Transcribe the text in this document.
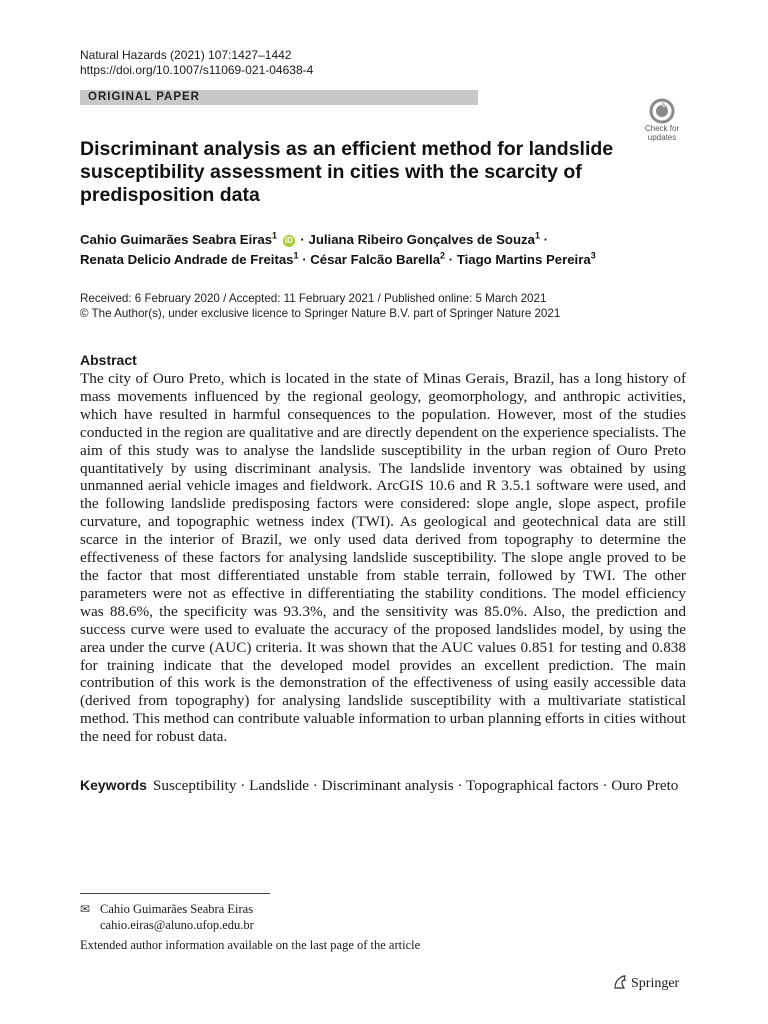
Natural Hazards (2021) 107:1427–1442
https://doi.org/10.1007/s11069-021-04638-4
ORIGINAL PAPER
Check for
updates
Discriminant analysis as an efficient method for landslide susceptibility assessment in cities with the scarcity of predisposition data
Cahio Guimarães Seabra Eiras$^1$ iD · Juliana Ribeiro Gonçalves de Souza$^1$ ·
Renata Delicio Andrade de Freitas$^1$ · César Falcão Barella$^2$ · Tiago Martins Pereira$^3$
Received: 6 February 2020 / Accepted: 11 February 2021 / Published online: 5 March 2021
© The Author(s), under exclusive licence to Springer Nature B.V. part of Springer Nature 2021
Abstract
The city of Ouro Preto, which is located in the state of Minas Gerais, Brazil, has a long history of mass movements influenced by the regional geology, geomorphology, and anthropic activities, which have resulted in harmful consequences to the population. However, most of the studies conducted in the region are qualitative and are directly dependent on the experience specialists. The aim of this study was to analyse the landslide susceptibility in the urban region of Ouro Preto quantitatively by using discriminant analysis. The landslide inventory was obtained by using unmanned aerial vehicle images and fieldwork. ArcGIS 10.6 and R 3.5.1 software were used, and the following landslide predisposing factors were considered: slope angle, slope aspect, profile curvature, and topographic wetness index (TWI). As geological and geotechnical data are still scarce in the interior of Brazil, we only used data derived from topography to determine the effectiveness of these factors for analysing landslide susceptibility. The slope angle proved to be the factor that most differentiated unstable from stable terrain, followed by TWI. The other parameters were not as effective in differentiating the stability conditions. The model efficiency was 88.6%, the specificity was 93.3%, and the sensitivity was 85.0%. Also, the prediction and success curve were used to evaluate the accuracy of the proposed landslides model, by using the area under the curve (AUC) criteria. It was shown that the AUC values 0.851 for testing and 0.838 for training indicate that the developed model provides an excellent prediction. The main contribution of this work is the demonstration of the effectiveness of using easily accessible data (derived from topography) for analysing landslide susceptibility with a multivariate statistical method. This method can contribute valuable information to urban planning efforts in cities without the need for robust data.
Keywords Susceptibility · Landslide · Discriminant analysis · Topographical factors · Ouro Preto
✉ Cahio Guimarães Seabra Eiras
cahio.eiras@aluno.ufop.edu.br
Extended author information available on the last page of the article
Springer
